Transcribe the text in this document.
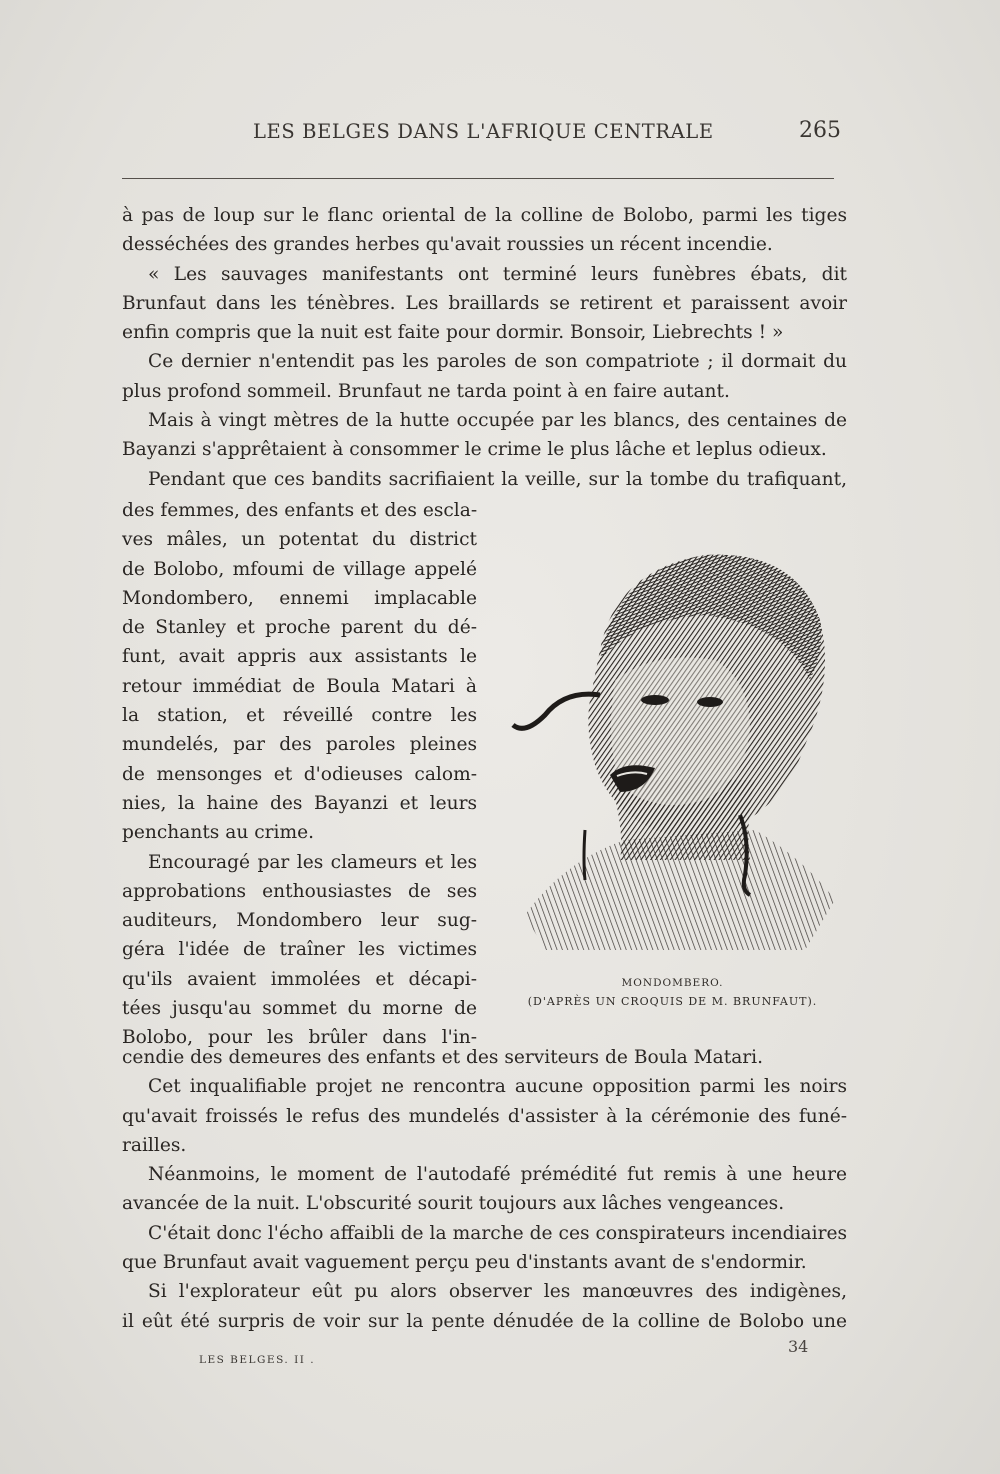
LES BELGES DANS L'AFRIQUE CENTRALE	265
à pas de loup sur le flanc oriental de la colline de Bolobo, parmi les tiges
desséchées des grandes herbes qu'avait roussies un récent incendie.
« Les sauvages manifestants ont terminé leurs funèbres ébats, dit
Brunfaut dans les ténèbres. Les braillards se retirent et paraissent avoir
enfin compris que la nuit est faite pour dormir. Bonsoir, Liebrechts ! »
Ce dernier n'entendit pas les paroles de son compatriote ; il dormait du
plus profond sommeil. Brunfaut ne tarda point à en faire autant.
Mais à vingt mètres de la hutte occupée par les blancs, des centaines de
Bayanzi s'apprêtaient à consommer le crime le plus lâche et leplus odieux.
Pendant que ces bandits sacrifiaient la veille, sur la tombe du trafiquant,
des femmes, des enfants et des escla-
ves mâles, un potentat du district
de Bolobo, mfoumi de village appelé
Mondombero, ennemi implacable
de Stanley et proche parent du dé-
funt, avait appris aux assistants le
retour immédiat de Boula Matari à
la station, et réveillé contre les
mundelés, par des paroles pleines
de mensonges et d'odieuses calom-
nies, la haine des Bayanzi et leurs
penchants au crime.
Encouragé par les clameurs et les
approbations enthousiastes de ses
auditeurs, Mondombero leur sug-
géra l'idée de traîner les victimes
qu'ils avaient immolées et décapi-
tées jusqu'au sommet du morne de
Bolobo, pour les brûler dans l'in-
MONDOMBERO.
(D'APRÈS UN CROQUIS DE M. BRUNFAUT).
cendie des demeures des enfants et des serviteurs de Boula Matari.
Cet inqualifiable projet ne rencontra aucune opposition parmi les noirs
qu'avait froissés le refus des mundelés d'assister à la cérémonie des funé-
railles.
Néanmoins, le moment de l'autodafé prémédité fut remis à une heure
avancée de la nuit. L'obscurité sourit toujours aux lâches vengeances.
C'était donc l'écho affaibli de la marche de ces conspirateurs incendiaires
que Brunfaut avait vaguement perçu peu d'instants avant de s'endormir.
Si l'explorateur eût pu alors observer les manœuvres des indigènes,
il eût été surpris de voir sur la pente dénudée de la colline de Bolobo une
LES BELGES. II .
34
